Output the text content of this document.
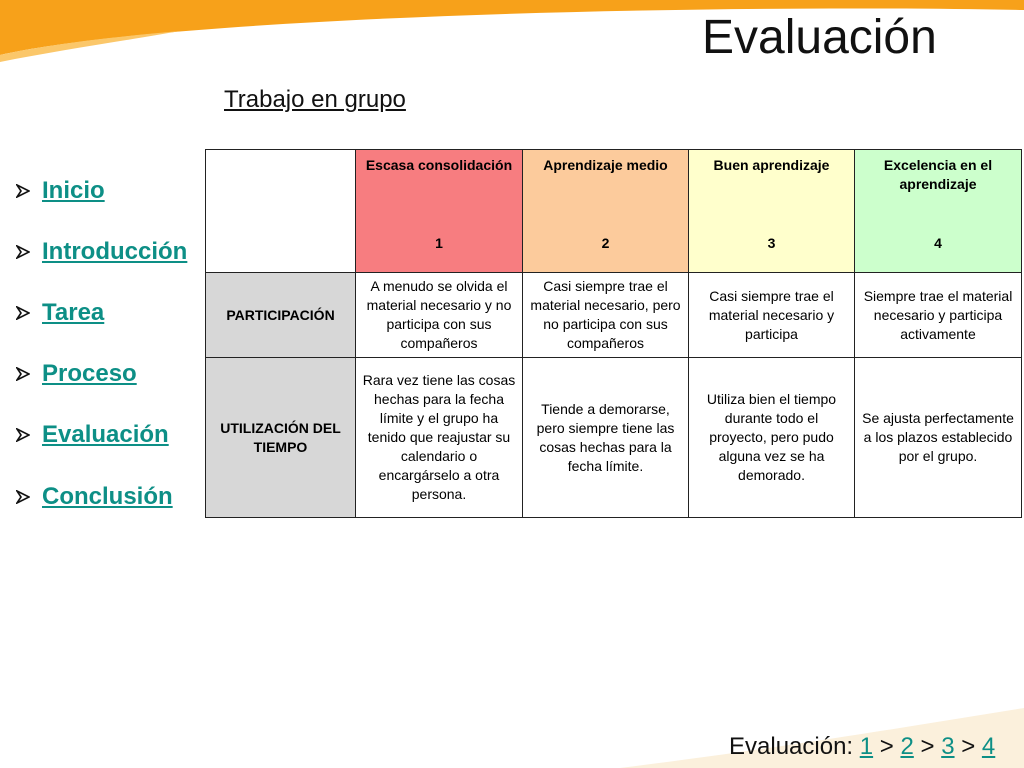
Evaluación
Trabajo en grupo
Inicio
Introducción
Tarea
Proceso
Evaluación
Conclusión
	Escasa consolidación	Aprendizaje medio	Buen aprendizaje	Excelencia en el aprendizaje
	1	2	3	4
PARTICIPACIÓN	A menudo se olvida el material necesario y no participa con sus compañeros	Casi siempre trae el material necesario, pero no participa con sus compañeros	Casi siempre trae el material necesario y participa	Siempre trae el material necesario y participa activamente
UTILIZACIÓN DEL TIEMPO	Rara vez tiene las cosas hechas para la fecha límite y el grupo ha tenido que reajustar su calendario o encargárselo a otra persona.	Tiende a demorarse, pero siempre tiene las cosas hechas para la fecha límite.	Utiliza bien el tiempo durante todo el proyecto, pero pudo alguna vez se ha demorado.	Se ajusta perfectamente a los plazos establecido por el grupo.
Evaluación: 1 > 2 > 3 > 4
